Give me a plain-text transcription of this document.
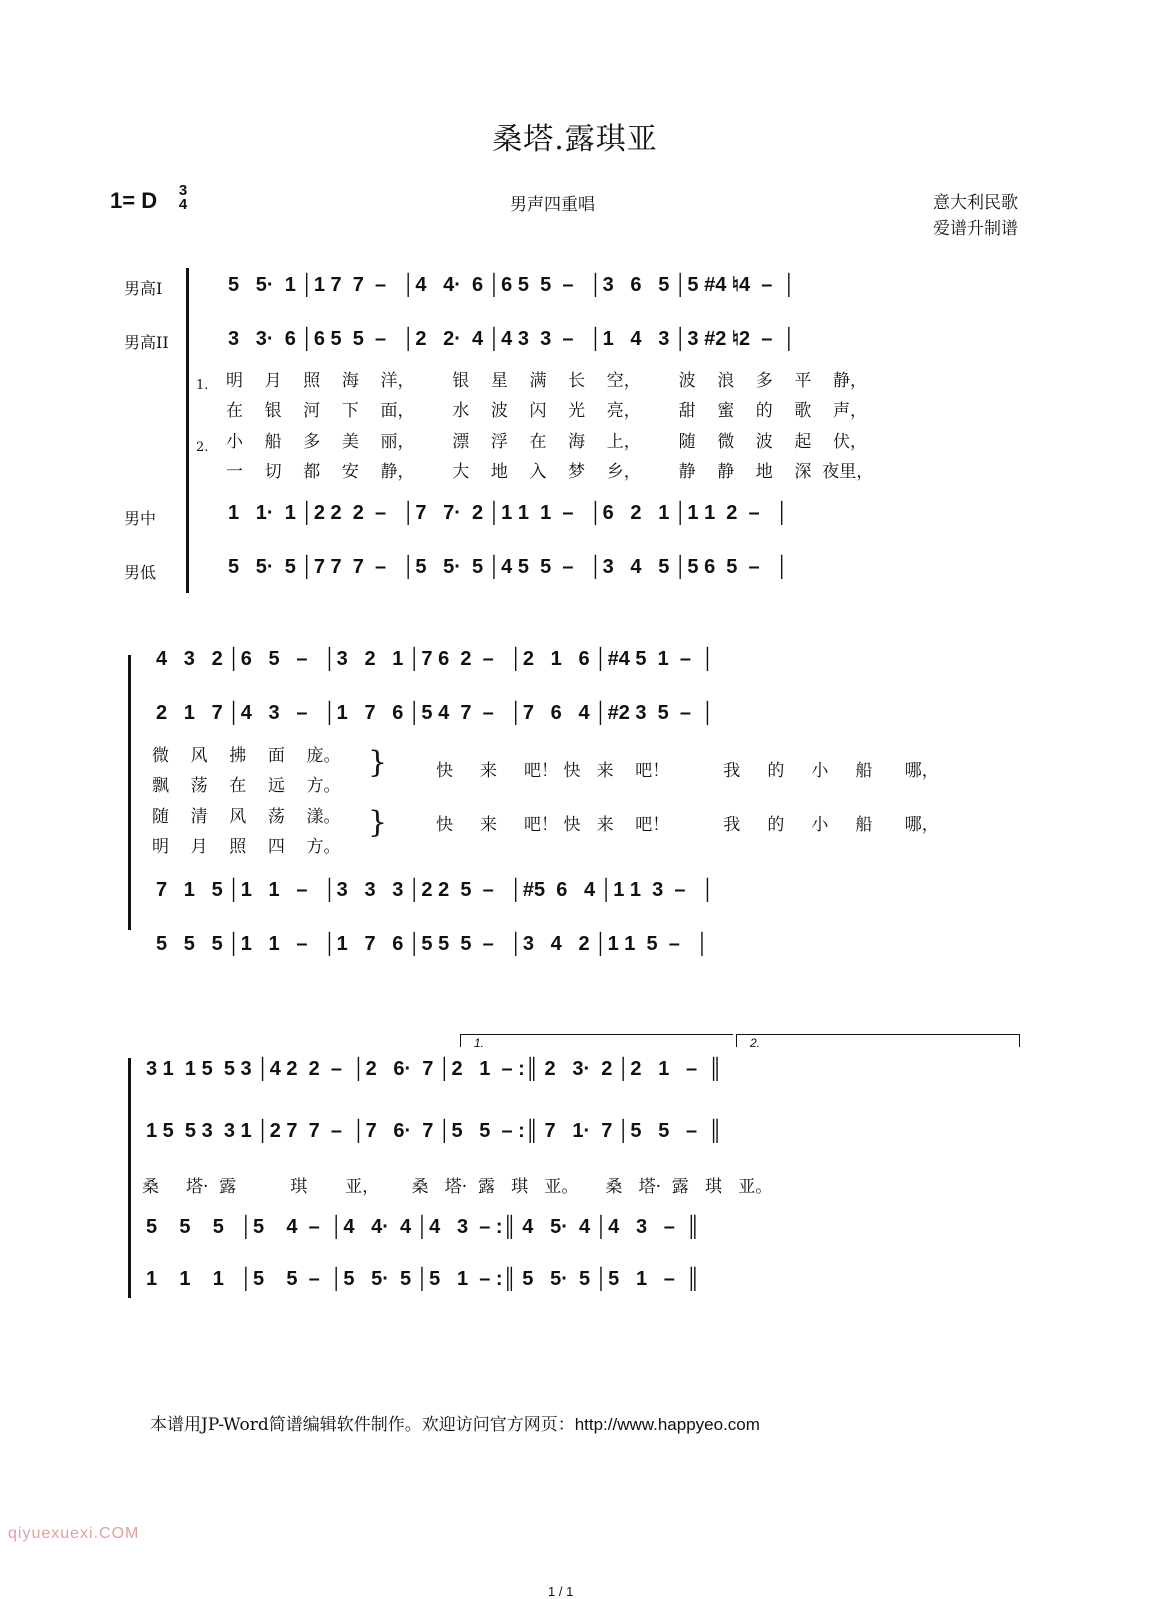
桑塔.露琪亚
1= D	3
4	男声四重唱	意大利民歌
爱谱升制谱
男高I
男高II
男中
男低
5   5·  1 │1 7  7  –   │4   4·  6 │6 5  5  –   │3   6   5 │5 #4 ♮4  –  │
3   3·  6 │6 5  5  –   │2   2·  4 │4 3  3  –   │1   4   3 │3 #2 ♮2  –  │
1.
2.
明    月    照    海    洋，       银    星    满    长    空，       波    浪    多    平    静，
在    银    河    下    面，       水    波    闪    光    亮，       甜    蜜    的    歌    声，
小    船    多    美    丽，       漂    浮    在    海    上，       随    微    波    起    伏，
一    切    都    安    静，       大    地    入    梦    乡，       静    静    地    深  夜里，
1   1·  1 │2 2  2  –   │7   7·  2 │1 1  1  –   │6   2   1 │1 1  2  –   │
5   5·  5 │7 7  7  –   │5   5·  5 │4 5  5  –   │3   4   5 │5 6  5  –   │
4   3   2 │6   5   –   │3   2   1 │7 6  2  –   │2   1   6 │#4 5  1  –  │
2   1   7 │4   3   –   │1   7   6 │5 4  7  –   │7   6   4 │#2 3  5  –  │
微    风    拂    面    庞。
飘    荡    在    远    方。
随    清    风    荡    漾。
明    月    照    四    方。
}
}
快     来     吧！ 快   来    吧！          我     的     小     船      哪，
快     来     吧！ 快   来    吧！          我     的     小     船      哪，
7   1   5 │1   1   –   │3   3   3 │2 2  5  –   │#5  6   4 │1 1  3  –   │
5   5   5 │1   1   –   │1   7   6 │5 5  5  –   │3   4   2 │1 1  5  –   │
1.	2.
3 1  1 5  5 3 │4 2  2  –  │2   6·  7 │2   1  – :║ 2   3·  2 │2   1   –  ║
1 5  5 3  3 1 │2 7  7  –  │7   6·  7 │5   5  – :║ 7   1·  7 │5   5   –  ║
桑     塔·  露          琪       亚，      桑   塔·  露   琪   亚。     桑   塔·  露   琪   亚。
5    5    5   │5    4  –  │4   4·  4 │4   3  – :║ 4   5·  4 │4   3   –  ║
1    1    1   │5    5  –  │5   5·  5 │5   1  – :║ 5   5·  5 │5   1   –  ║
本谱用JP-Word简谱编辑软件制作。欢迎访问官方网页：http://www.happyeo.com
qiyuexuexi.COM
1 / 1
